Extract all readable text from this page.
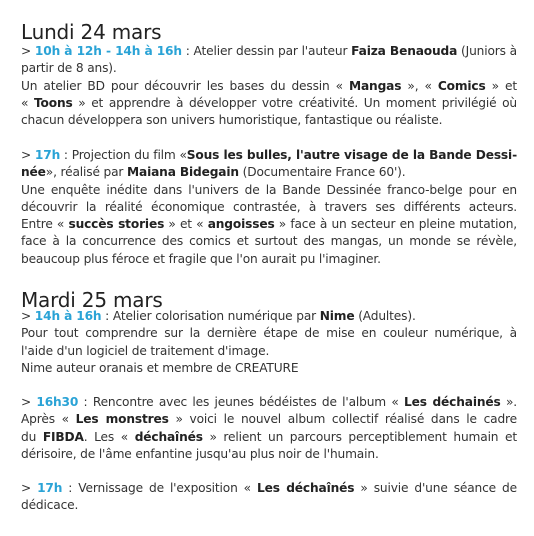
Lundi 24 mars
> 10h à 12h - 14h à 16h : Atelier dessin par l'auteur Faiza Benaouda (Juniors à
partir de 8 ans).
Un atelier BD pour découvrir les bases du dessin « Mangas », « Comics » et
« Toons » et apprendre à développer votre créativité. Un moment privilégié où
chacun développera son univers humoristique, fantastique ou réaliste.
> 17h : Projection du film «Sous les bulles, l'autre visage de la Bande Dessi-
née», réalisé par Maiana Bidegain (Documentaire France 60').
Une enquête inédite dans l'univers de la Bande Dessinée franco-belge pour en
découvrir la réalité économique contrastée, à travers ses différents acteurs.
Entre « succès stories » et « angoisses » face à un secteur en pleine mutation,
face à la concurrence des comics et surtout des mangas, un monde se révèle,
beaucoup plus féroce et fragile que l'on aurait pu l'imaginer.
Mardi 25 mars
> 14h à 16h : Atelier colorisation numérique par Nime (Adultes).
Pour tout comprendre sur la dernière étape de mise en couleur numérique, à
l'aide d'un logiciel de traitement d'image.
Nime auteur oranais et membre de CREATURE
> 16h30 : Rencontre avec les jeunes bédéistes de l'album « Les déchainés ».
Après « Les monstres » voici le nouvel album collectif réalisé dans le cadre
du FIBDA. Les « déchaînés » relient un parcours perceptiblement humain et
dérisoire, de l'âme enfantine jusqu'au plus noir de l'humain.
> 17h : Vernissage de l'exposition « Les déchaînés » suivie d'une séance de
dédicace.
